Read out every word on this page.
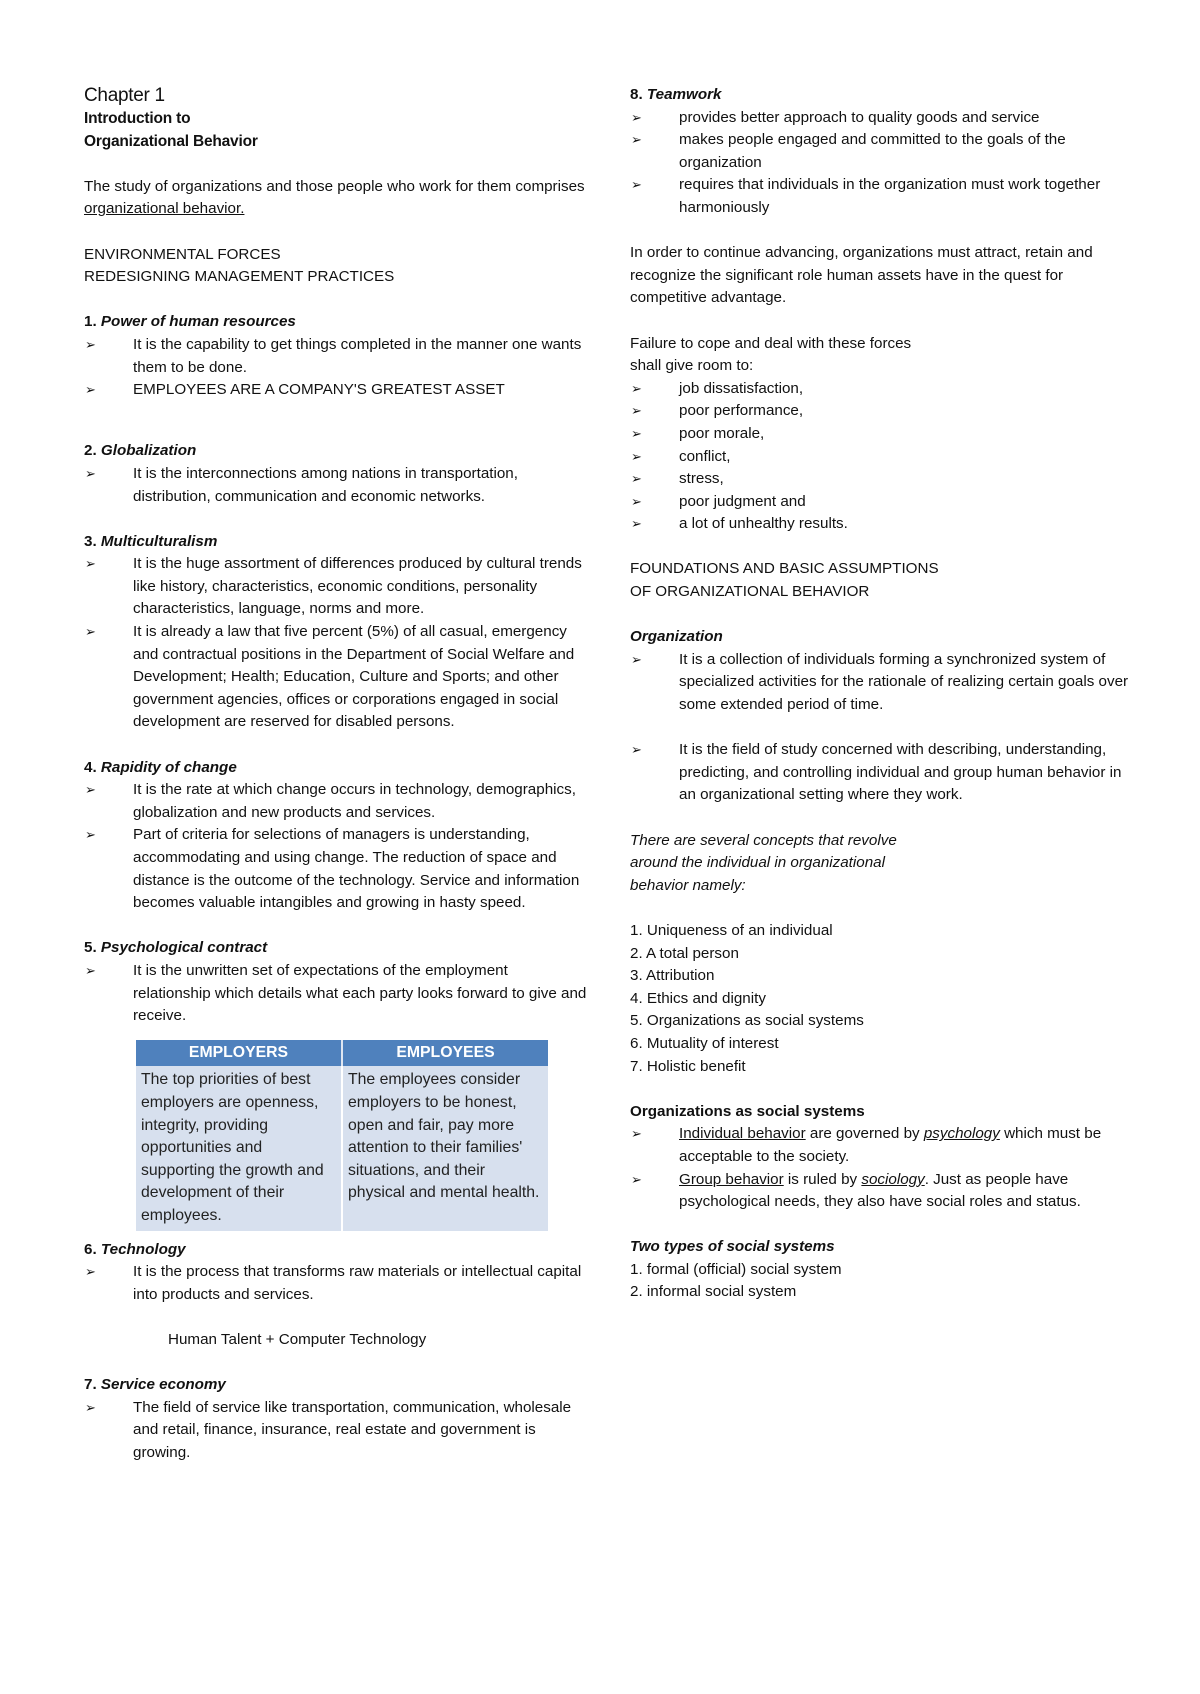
Chapter 1

Introduction to

Organizational Behavior

The study of organizations and those people who work for them comprises organizational behavior.

ENVIRONMENTAL FORCES

REDESIGNING MANAGEMENT PRACTICES

1. Power of human resources

➢ It is the capability to get things completed in the manner one wants them to be done.
➢ EMPLOYEES ARE A COMPANY'S GREATEST ASSET

2. Globalization

➢ It is the interconnections among nations in transportation, distribution, communication and economic networks.

3. Multiculturalism

➢ It is the huge assortment of differences produced by cultural trends like history, characteristics, economic conditions, personality characteristics, language, norms and more.
➢ It is already a law that five percent (5%) of all casual, emergency and contractual positions in the Department of Social Welfare and Development; Health; Education, Culture and Sports; and other government agencies, offices or corporations engaged in social development are reserved for disabled persons.

4. Rapidity of change

➢ It is the rate at which change occurs in technology, demographics, globalization and new products and services.
➢ Part of criteria for selections of managers is understanding, accommodating and using change. The reduction of space and distance is the outcome of the technology. Service and information becomes valuable intangibles and growing in hasty speed.

5. Psychological contract

➢ It is the unwritten set of expectations of the employment relationship which details what each party looks forward to give and receive.
EMPLOYERS	EMPLOYEES
The top priorities of best employers are openness, integrity, providing opportunities and supporting the growth and development of their employees.	The employees consider employers to be honest, open and fair, pay more attention to their families' situations, and their physical and mental health.

6. Technology

➢ It is the process that transforms raw materials or intellectual capital into products and services.

Human Talent + Computer Technology

7. Service economy

➢ The field of service like transportation, communication, wholesale and retail, finance, insurance, real estate and government is growing.

8. Teamwork

➢ provides better approach to quality goods and service
➢ makes people engaged and committed to the goals of the organization
➢ requires that individuals in the organization must work together harmoniously

In order to continue advancing, organizations must attract, retain and recognize the significant role human assets have in the quest for competitive advantage.

Failure to cope and deal with these forces

shall give room to:

➢ job dissatisfaction,
➢ poor performance,
➢ poor morale,
➢ conflict,
➢ stress,
➢ poor judgment and
➢ a lot of unhealthy results.

FOUNDATIONS AND BASIC ASSUMPTIONS

OF ORGANIZATIONAL BEHAVIOR

Organization

➢ It is a collection of individuals forming a synchronized system of specialized activities for the rationale of realizing certain goals over some extended period of time.
➢ It is the field of study concerned with describing, understanding, predicting, and controlling individual and group human behavior in an organizational setting where they work.

There are several concepts that revolve

around the individual in organizational

behavior namely:

1. Uniqueness of an individual
2. A total person
3. Attribution
4. Ethics and dignity
5. Organizations as social systems
6. Mutuality of interest
7. Holistic benefit

Organizations as social systems

➢ Individual behavior are governed by psychology which must be acceptable to the society.
➢ Group behavior is ruled by sociology. Just as people have psychological needs, they also have social roles and status.

Two types of social systems

1. formal (official) social system

2. informal social system
